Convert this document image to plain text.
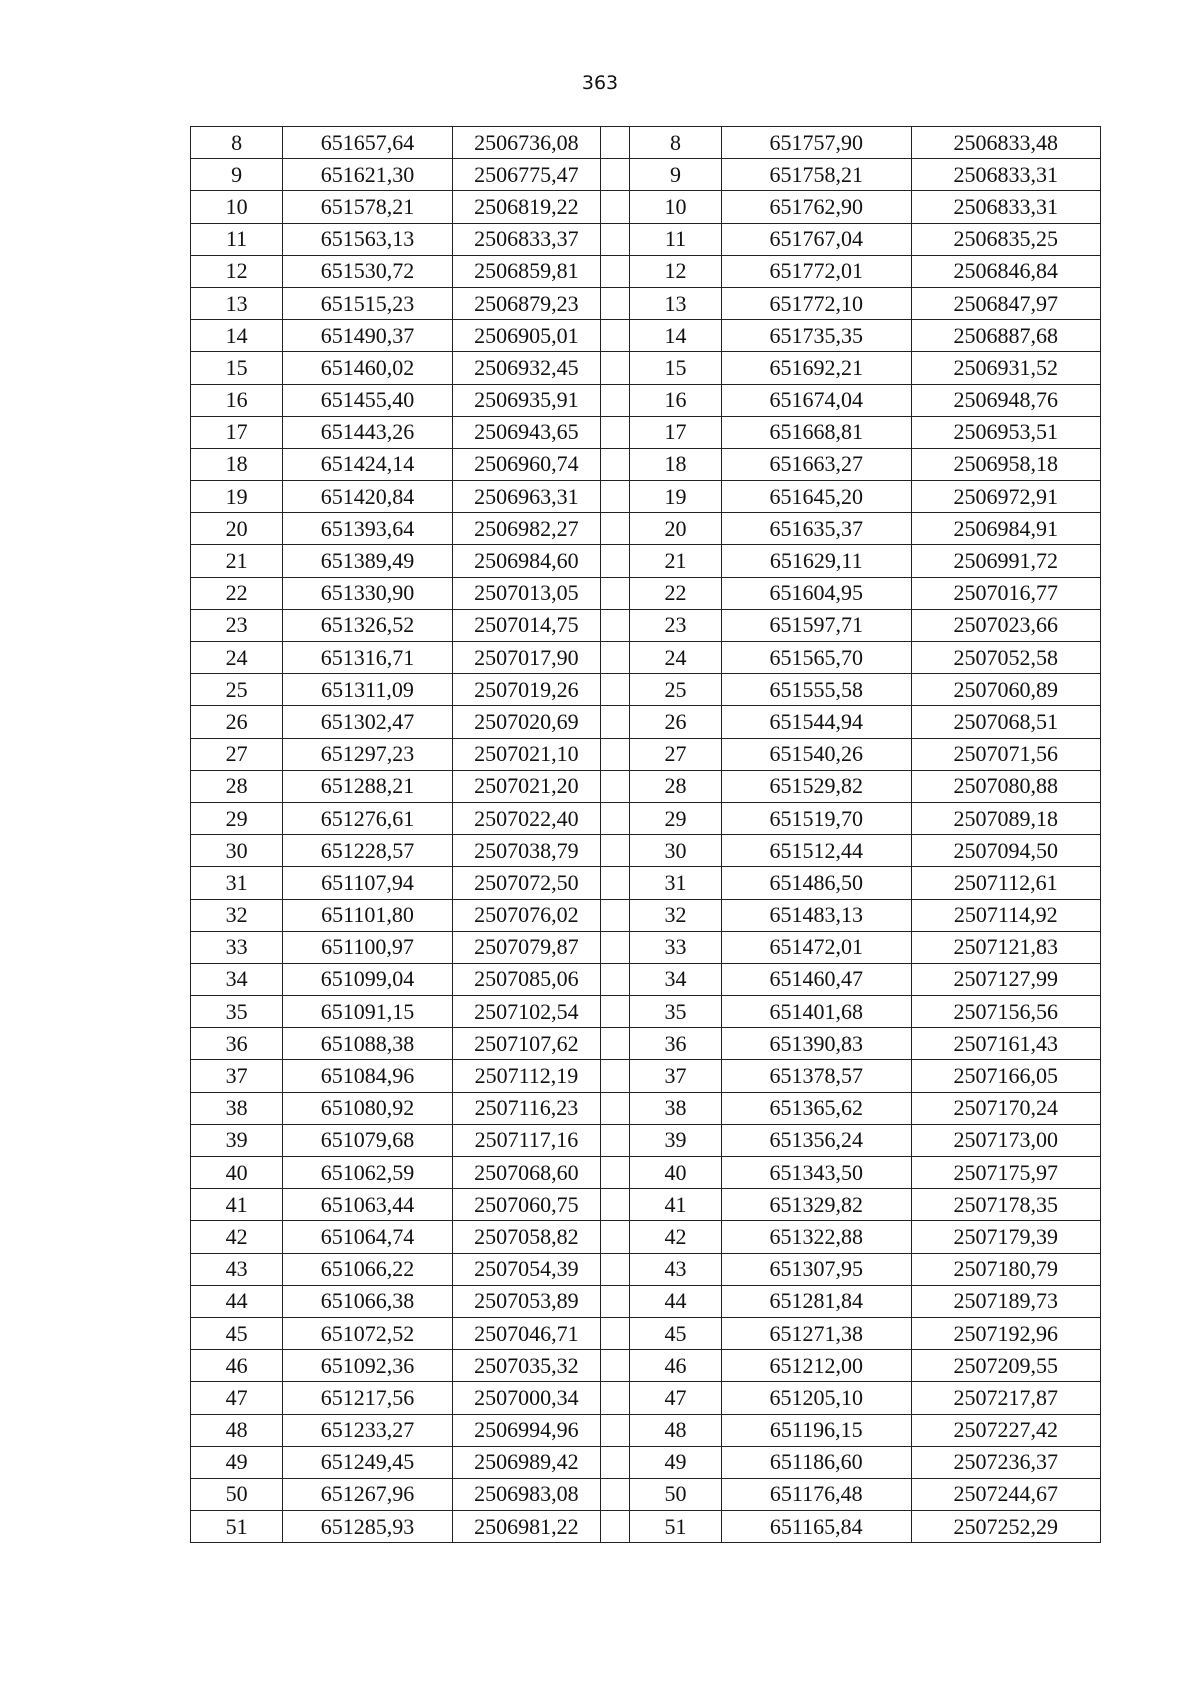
363
8	651657,64	2506736,08		8	651757,90	2506833,48
9	651621,30	2506775,47		9	651758,21	2506833,31
10	651578,21	2506819,22		10	651762,90	2506833,31
11	651563,13	2506833,37		11	651767,04	2506835,25
12	651530,72	2506859,81		12	651772,01	2506846,84
13	651515,23	2506879,23		13	651772,10	2506847,97
14	651490,37	2506905,01		14	651735,35	2506887,68
15	651460,02	2506932,45		15	651692,21	2506931,52
16	651455,40	2506935,91		16	651674,04	2506948,76
17	651443,26	2506943,65		17	651668,81	2506953,51
18	651424,14	2506960,74		18	651663,27	2506958,18
19	651420,84	2506963,31		19	651645,20	2506972,91
20	651393,64	2506982,27		20	651635,37	2506984,91
21	651389,49	2506984,60		21	651629,11	2506991,72
22	651330,90	2507013,05		22	651604,95	2507016,77
23	651326,52	2507014,75		23	651597,71	2507023,66
24	651316,71	2507017,90		24	651565,70	2507052,58
25	651311,09	2507019,26		25	651555,58	2507060,89
26	651302,47	2507020,69		26	651544,94	2507068,51
27	651297,23	2507021,10		27	651540,26	2507071,56
28	651288,21	2507021,20		28	651529,82	2507080,88
29	651276,61	2507022,40		29	651519,70	2507089,18
30	651228,57	2507038,79		30	651512,44	2507094,50
31	651107,94	2507072,50		31	651486,50	2507112,61
32	651101,80	2507076,02		32	651483,13	2507114,92
33	651100,97	2507079,87		33	651472,01	2507121,83
34	651099,04	2507085,06		34	651460,47	2507127,99
35	651091,15	2507102,54		35	651401,68	2507156,56
36	651088,38	2507107,62		36	651390,83	2507161,43
37	651084,96	2507112,19		37	651378,57	2507166,05
38	651080,92	2507116,23		38	651365,62	2507170,24
39	651079,68	2507117,16		39	651356,24	2507173,00
40	651062,59	2507068,60		40	651343,50	2507175,97
41	651063,44	2507060,75		41	651329,82	2507178,35
42	651064,74	2507058,82		42	651322,88	2507179,39
43	651066,22	2507054,39		43	651307,95	2507180,79
44	651066,38	2507053,89		44	651281,84	2507189,73
45	651072,52	2507046,71		45	651271,38	2507192,96
46	651092,36	2507035,32		46	651212,00	2507209,55
47	651217,56	2507000,34		47	651205,10	2507217,87
48	651233,27	2506994,96		48	651196,15	2507227,42
49	651249,45	2506989,42		49	651186,60	2507236,37
50	651267,96	2506983,08		50	651176,48	2507244,67
51	651285,93	2506981,22		51	651165,84	2507252,29
